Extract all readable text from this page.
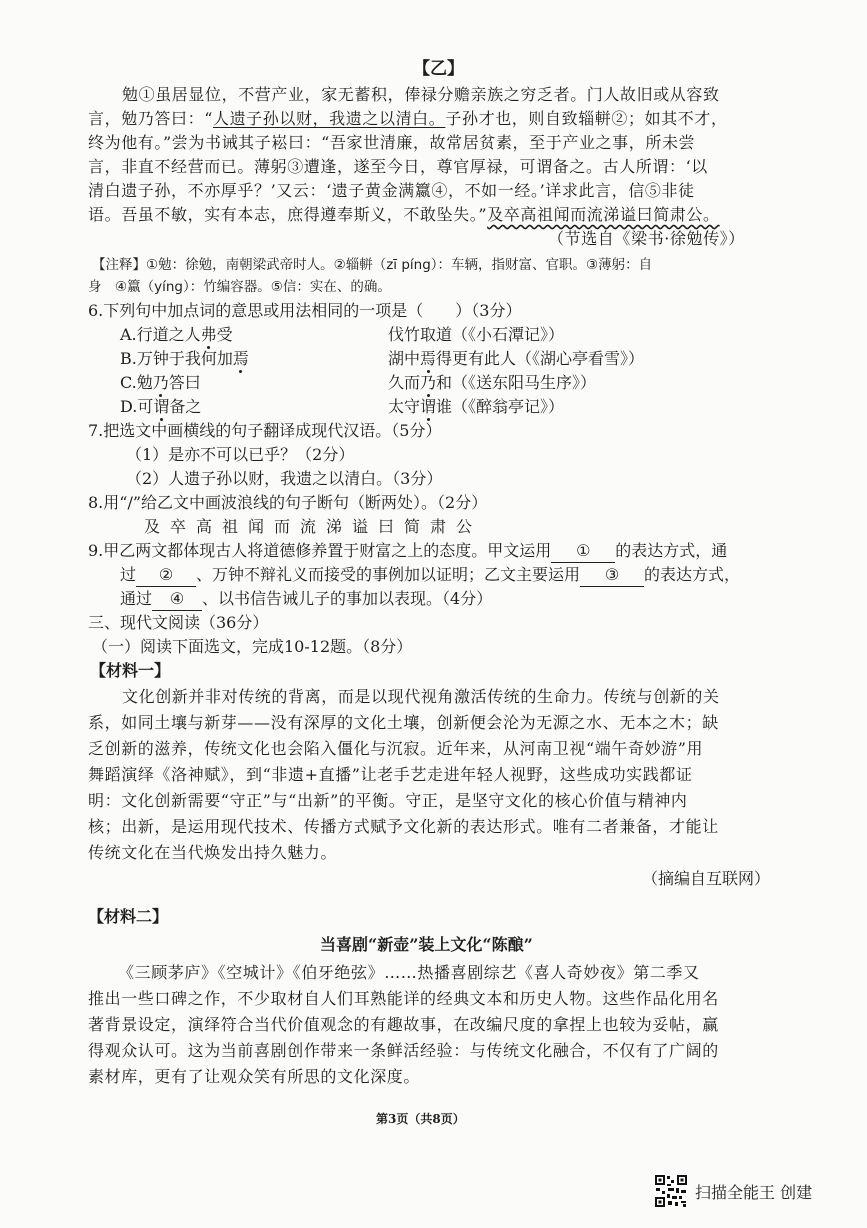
【乙】
勉①虽居显位，不营产业，家无蓄积，俸禄分赡亲族之穷乏者。门人故旧或从容致
言，勉乃答曰：“人遗子孙以财，我遗之以清白。子孙才也，则自致辎軿②；如其不才，
终为他有。”尝为书诫其子崧曰：“吾家世清廉，故常居贫素，至于产业之事，所未尝
言，非直不经营而已。薄躬③遭逢，遂至今日，尊官厚禄，可谓备之。古人所谓：‘以
清白遗子孙，不亦厚乎？’又云：‘遗子黄金满籝④，不如一经。’详求此言，信⑤非徒
语。吾虽不敏，实有本志，庶得遵奉斯义，不敢坠失。”及卒高祖闻而流涕谥曰简肃公。
（节选自《梁书·徐勉传》）
【注释】①勉：徐勉，南朝梁武帝时人。②辎軿（zī píng）：车辆，指财富、官职。③薄躬：自
身　④籝（yíng）：竹编容器。⑤信：实在、的确。
6.下列句中加点词的意思或用法相同的一项是（　　）（3分）
A.行道之人弗受	伐竹取道（《小石潭记》）
B.万钟于我何加焉	湖中焉得更有此人（《湖心亭看雪》）
C.勉乃答曰	久而乃和（《送东阳马生序》）
D.可谓备之	太守谓谁（《醉翁亭记》）
7.把选文中画横线的句子翻译成现代汉语。（5分）
（1）是亦不可以已乎？（2分）
（2）人遗子孙以财，我遗之以清白。（3分）
8.用“/”给乙文中画波浪线的句子断句（断两处）。（2分）
及卒高祖闻而流涕谥曰简肃公
9.甲乙两文都体现古人将道德修养置于财富之上的态度。甲文运用 ① 的表达方式，通
过 ② 、万钟不辩礼义而接受的事例加以证明；乙文主要运用 ③ 的表达方式，
通过 ④ 、以书信告诫儿子的事加以表现。（4分）
三、现代文阅读（36分）
（一）阅读下面选文，完成10-12题。（8分）
【材料一】
文化创新并非对传统的背离，而是以现代视角激活传统的生命力。传统与创新的关
系，如同土壤与新芽——没有深厚的文化土壤，创新便会沦为无源之水、无本之木；缺
乏创新的滋养，传统文化也会陷入僵化与沉寂。近年来，从河南卫视“端午奇妙游”用
舞蹈演绎《洛神赋》，到“非遗+直播”让老手艺走进年轻人视野，这些成功实践都证
明：文化创新需要“守正”与“出新”的平衡。守正，是坚守文化的核心价值与精神内
核；出新，是运用现代技术、传播方式赋予文化新的表达形式。唯有二者兼备，才能让
传统文化在当代焕发出持久魅力。
（摘编自互联网）
【材料二】
当喜剧“新壶”装上文化“陈酿”
《三顾茅庐》《空城计》《伯牙绝弦》……热播喜剧综艺《喜人奇妙夜》第二季又
推出一些口碑之作，不少取材自人们耳熟能详的经典文本和历史人物。这些作品化用名
著背景设定，演绎符合当代价值观念的有趣故事，在改编尺度的拿捏上也较为妥帖，赢
得观众认可。这为当前喜剧创作带来一条鲜活经验：与传统文化融合，不仅有了广阔的
素材库，更有了让观众笑有所思的文化深度。
第3页（共8页）
扫描全能王 创建
